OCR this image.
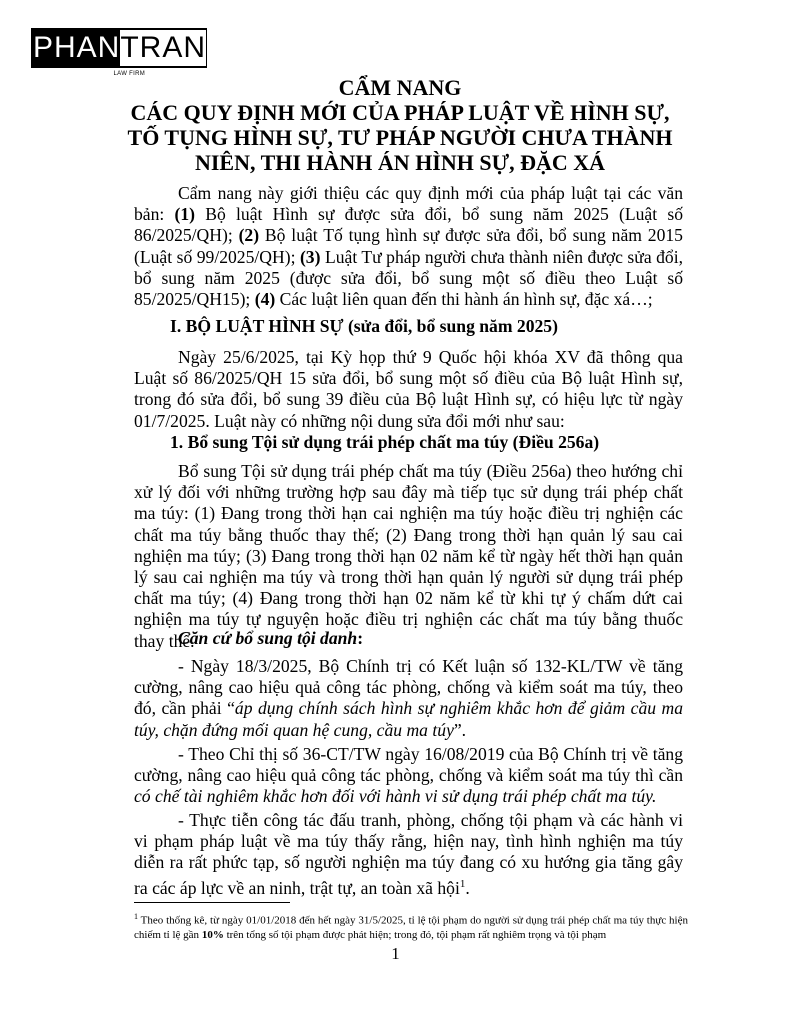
PHAN TRAN
LAW FIRM
CẨM NANG
CÁC QUY ĐỊNH MỚI CỦA PHÁP LUẬT VỀ HÌNH SỰ, TỐ TỤNG HÌNH SỰ, TƯ PHÁP NGƯỜI CHƯA THÀNH NIÊN, THI HÀNH ÁN HÌNH SỰ, ĐẶC XÁ
Cẩm nang này giới thiệu các quy định mới của pháp luật tại các văn bản: (1) Bộ luật Hình sự được sửa đổi, bổ sung năm 2025 (Luật số 86/2025/QH); (2) Bộ luật Tố tụng hình sự được sửa đổi, bổ sung năm 2015 (Luật số 99/2025/QH); (3) Luật Tư pháp người chưa thành niên được sửa đổi, bổ sung năm 2025 (được sửa đổi, bổ sung một số điều theo Luật số 85/2025/QH15); (4) Các luật liên quan đến thi hành án hình sự, đặc xá…;
I. BỘ LUẬT HÌNH SỰ (sửa đổi, bổ sung năm 2025)
Ngày 25/6/2025, tại Kỳ họp thứ 9 Quốc hội khóa XV đã thông qua Luật số 86/2025/QH 15 sửa đổi, bổ sung một số điều của Bộ luật Hình sự, trong đó sửa đổi, bổ sung 39 điều của Bộ luật Hình sự, có hiệu lực từ ngày 01/7/2025. Luật này có những nội dung sửa đổi mới như sau:
1. Bổ sung Tội sử dụng trái phép chất ma túy (Điều 256a)
Bổ sung Tội sử dụng trái phép chất ma túy (Điều 256a) theo hướng chỉ xử lý đối với những trường hợp sau đây mà tiếp tục sử dụng trái phép chất ma túy: (1) Đang trong thời hạn cai nghiện ma túy hoặc điều trị nghiện các chất ma túy bằng thuốc thay thế; (2) Đang trong thời hạn quản lý sau cai nghiện ma túy; (3) Đang trong thời hạn 02 năm kể từ ngày hết thời hạn quản lý sau cai nghiện ma túy và trong thời hạn quản lý người sử dụng trái phép chất ma túy; (4) Đang trong thời hạn 02 năm kể từ khi tự ý chấm dứt cai nghiện ma túy tự nguyện hoặc điều trị nghiện các chất ma túy bằng thuốc thay thế.
Căn cứ bổ sung tội danh:
- Ngày 18/3/2025, Bộ Chính trị có Kết luận số 132-KL/TW về tăng cường, nâng cao hiệu quả công tác phòng, chống và kiểm soát ma túy, theo đó, cần phải “áp dụng chính sách hình sự nghiêm khắc hơn để giảm cầu ma túy, chặn đứng mối quan hệ cung, cầu ma túy”.
- Theo Chỉ thị số 36-CT/TW ngày 16/08/2019 của Bộ Chính trị về tăng cường, nâng cao hiệu quả công tác phòng, chống và kiểm soát ma túy thì cần có chế tài nghiêm khắc hơn đối với hành vi sử dụng trái phép chất ma túy.
- Thực tiễn công tác đấu tranh, phòng, chống tội phạm và các hành vi vi phạm pháp luật về ma túy thấy rằng, hiện nay, tình hình nghiện ma túy diễn ra rất phức tạp, số người nghiện ma túy đang có xu hướng gia tăng gây ra các áp lực về an ninh, trật tự, an toàn xã hội$^1$.
$^1$ Theo thống kê, từ ngày 01/01/2018 đến hết ngày 31/5/2025, tỉ lệ tội phạm do người sử dụng trái phép chất ma túy thực hiện chiếm tỉ lệ gần 10% trên tổng số tội phạm được phát hiện; trong đó, tội phạm rất nghiêm trọng và tội phạm
1
